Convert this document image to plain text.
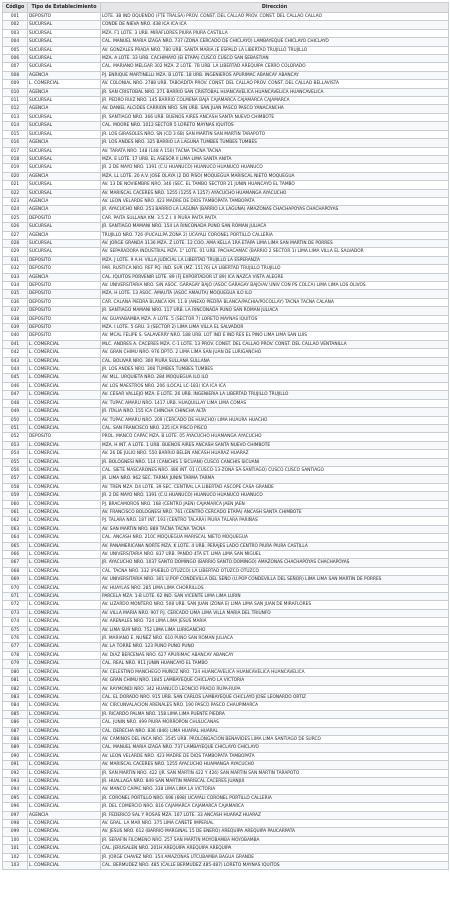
Código	Tipo de Establecimiento	Dirección
001	DEPOSITO	LOTE. 3B IND OQUENDO (FTE TRALSA) PROV. CONST. DEL CALLAO PROV. CONST. DEL CALLAO CALLAO
002	SUCURSAL	CONDE DE NIEVA NRO. 438 ICA ICA ICA
003	SUCURSAL	MZA. F1 LOTE. 3 URB. MIRAFLORES PIURA PIURA CASTILLA
004	SUCURSAL	CAL. MANUEL MARIA IZAGA NRO. 737 (ZONA CERCADO DE CHICLAYO) LAMBAYEQUE CHICLAYO CHICLAYO
005	SUCURSAL	AV. GONZALES PRADA NRO. 780 URB. SANTA MARIA (E ESPALD LA LIBERTAD TRUJILLO TRUJILLO
006	SUCURSAL	MZA. A LOTE. 33 URB. CACHIMAYO (EI ETAPA) CUSCO CUSCO SAN SEBASTIAN
007	SUCURSAL	CAL. MARIANO MELGAR 302 MZA. Z LOTE. 7B URB. LA LIBERTAD AREQUIPA CERRO COLORADO
008	AGENCIA	PJ. ENRIQUE MARTINELLI MZA. B LOTE. 18 URB. INGENIEROS APURIMAC ABANCAY ABANCAY
009	L. COMERCIAL	AV. COLONIAL NRO. 2788 URB. TABOADITA PROV. CONST. DEL CALLAO PROV. CONST. DEL CALLAO BELLAVISTA
010	AGENCIA	JR. SAN CRISTOBAL NRO. 271 BARRIO SAN CRISTOBAL HUANCAVELICA HUANCAVELICA HUANCAVELICA
011	SUCURSAL	JR. PEDRO RUIZ NRO. 145 BARRIO COLMENA BAJA CAJAMARCA CAJAMARCA CAJAMARCA
012	AGENCIA	AV. DANIEL ALCIDES CARRION NRO. S/N URB. SAN JUAN PASCO PASCO YANACANCHA
013	SUCURSAL	JR. SANTIAGO NRO. 366 URB. BUENOS AIRES ANCASH SANTA NUEVO CHIMBOTE
014	SUCURSAL	CAL. MOORE NRO. 1012 SECTOR 5 LORETO MAYNAS IQUITOS
015	SUCURSAL	JR. LOS GIRASOLES NRO. SN (CD 3 6B) SAN MARTIN SAN MARTIN TARAPOTO
016	AGENCIA	JR. LOS ANDES NRO. 325 BARRIO LA LAGUNA TUMBES TUMBES TUMBES
017	SUCURSAL	AV. TARATA NRO. 148 (148 A 150) TACNA TACNA TACNA
018	SUCURSAL	MZA. E LOTE. 17 URB. EL ASESOR II LIMA LIMA SANTA ANITA
019	SUCURSAL	JR. 2 DE MAYO NRO. 1391 (C.U HUANUCO) HUANUCO HUANUCO HUANUCO
020	AGENCIA	MZA. LL LOTE. 20 A.V. JOSE OLAYA (2 DO PISO) MOQUEGUA MARISCAL NIETO MOQUEGUA
021	SUCURSAL	AV. 13 DE NOVIEMBRE NRO. 346 (SEC. EL TAMBO SECTOR 21 JUNIN HUANCAYO EL TAMBO
022	SUCURSAL	AV. MARISCAL CACERES NRO. 1255 (1255 A 1257) AYACUCHO HUAMANGA AYACUCHO
023	AGENCIA	AV. LEON VELARDE NRO. 423 MADRE DE DIOS TAMBOPATA TAMBOPATA
024	AGENCIA	JR. AYACUCHO NRO. 253 BARRIO LA LAGUNA (BARRIO LA LAGUNA) AMAZONAS CHACHAPOYAS CHACHAPOYAS
025	DEPOSITO	CAR. PAITA SULLANA KM. 3.5 Z.I. II PIURA PAITA PAITA
026	SUCURSAL	JR. SANTIAGO MAMANI NRO. 154 LA RINCONADA PUNO SAN ROMAN JULIACA
027	AGENCIA	TRUJILLO NRO. 726 (PUCALLPA ZONA 2) UCAYALI CORONEL PORTILLO CALLERIA
028	SUCURSAL	AV. JORGE GRANDA 3136 MZA. Z LOTE. 12 COO. AMA KELLA 1RA ETAPA LIMA LIMA SAN MARTIN DE PORRES
029	SUCURSAL	AV. SEPARADORA INDUSTRIAL MZA. 1° LOTE. 01 URB. PACHACAMAC (BARRIO 2 SECTOR 1) LIMA LIMA VILLA EL SALVADOR
031	DEPOSITO	MZA. J LOTE. 9 A.H. VILLA JUDICIAL LA LIBERTAD TRUJILLO LA ESPERANZA
032	DEPOSITO	PAR. RUSTICA NRO. REF PQ. IND. SUR (MZ. 15176) LA LIBERTAD TRUJILLO TRUJILLO
033	AGENCIA	CAL. IQUITOS PORVENIR LOTE. 89 (FJ EXPORTADOR LT 89) ICA NAZCA VISTA ALEGRE
034	DEPOSITO	AV. UNIVERSITARIA NRO. S/N ASOC. GARAGAY BAJO (ASOC GARAGAY BAJO/AV UNIV CON PS COLCA) LIMA LIMA LOS OLIVOS
035	DEPOSITO	MZA. H LOTE. 13 ASOC. AMAUTA (ASOC AMAUTA) MOQUEGUA ILO ILO
036	DEPOSITO	CAR. CALANA PIEDRA BLANCA KM. 11.8 (ANEXO PIEDRA BLANCA/PACHIA/POCOLLAY) TACNA TACNA CALANA
037	DEPOSITO	JR. SANTIAGO MAMANI NRO. 117 URB. LA RINCONADA PUNO SAN ROMAN JULIACA
038	DEPOSITO	AV. GUAYABAMBA MZA. A LOTE. 5 (SECTOR 7) LORETO MAYNAS IQUITOS
039	DEPOSITO	MZA. I LOTE. 5 GRU. 3 (SECTOR 2) LIMA LIMA VILLA EL SALVADOR
040	DEPOSITO	AV. MCAL FELIPE S. SALAVERRY NRO. 188 URB. LOT IND E IND RES EL PINO LIMA LIMA SAN LUIS
041	L. COMERCIAL	MLC. ANDRES A. CACERES MZA. C-1 LOTE. 13 PROV. CONST. DEL CALLAO PROV. CONST. DEL CALLAO VENTANILLA
042	L. COMERCIAL	AV. GRAN CHIMU NRO. 976 DPTO. 2 LIMA LIMA SAN JUAN DE LURIGANCHO
043	L. COMERCIAL	CAL. BOLIVAR NRO. 300 PIURA SULLANA SULLANA
044	L. COMERCIAL	JR. LOS ANDES NRO. 308 TUMBES TUMBES TUMBES
045	L. COMERCIAL	AV. MLL. URQUIETA NRO. 284 MOQUEGUA ILO ILO
046	L. COMERCIAL	AV. LOS MAESTROS NRO. 206 (LOCAL LC-183) ICA ICA ICA
047	L. COMERCIAL	AV. CESAR VALLEJO MZA. E LOTE. 26 URB. INGENIERIA LA LIBERTAD TRUJILLO TRUJILLO
048	L. COMERCIAL	AV. TUPAC AMARU NRO. 1417 URB. HUAQUILLAY LIMA LIMA COMAS
049	L. COMERCIAL	JR. ITALIA NRO. 155 ICA CHINCHA CHINCHA ALTA
050	L. COMERCIAL	AV. TUPAC AMARU NRO. 209 (CERCADO DE HUACHO) LIMA HUAURA HUACHO
051	L. COMERCIAL	CAL. SAN FRANCISCO NRO. 225 ICA PISCO PISCO
052	DEPOSITO	PROL. MANCO CAPAC MZA. B LOTE. 05 AYACUCHO HUAMANGA AYACUCHO
053	L. COMERCIAL	MZA. H INT. A LOTE. 1 URB. BUENOS AIRES ANCASH SANTA NUEVO CHIMBOTE
054	L. COMERCIAL	AV. 26 DE JULIO NRO. 550 BARRIO BELEN ANCASH HUARAZ HUARAZ
055	L. COMERCIAL	JR. BOLOGNESI NRO. 114 (CANCHIS 1 SICUANI) CUSCO CANCHIS SICUANI
056	L. COMERCIAL	CAL. SIETE MASCARONES NRO. 486 INT. 01 (CUSCO-13-ZONA SA-SANTIAGO) CUSCO CUSCO SANTIAGO
057	L. COMERCIAL	JR. LIMA NRO. 962 SEC. TARMA JUNIN TARMA TARMA
058	L. COMERCIAL	AV. TREN MZA. D4 LOTE. 39 SEC. CENTRAL LA LIBERTAD ASCOPE CASA GRANDE
059	L. COMERCIAL	JR. 2 DE MAYO NRO. 1391 (C.U.HUANUCO) HUANUCO HUANUCO HUANUCO
060	L. COMERCIAL	PJ. BRACAMOROS NRO. 168 (CENTRO JAEN) CAJAMARCA JAEN JAEN
061	L. COMERCIAL	AV. FRANCISCO BOLOGNESI NRO. 761 (CENTRO CERCADO ETAPA) ANCASH SANTA CHIMBOTE
062	L. COMERCIAL	PJ. TALARA NRO. 187 INT. 193 (CENTRO TALARA) PIURA TALARA PARIÑAS
063	L. COMERCIAL	AV. SAN MARTIN NRO. 889 TACNA TACNA TACNA
064	L. COMERCIAL	CAL. ANCASH NRO. 210C MOQUEGUA MARISCAL NIETO MOQUEGUA
065	L. COMERCIAL	AV. PANAMERICANA NORTE MZA. K LOTE. 4 URB. PERAJES LADO CENTRO PIURA PIURA CASTILLA
066	L. COMERCIAL	AV. UNIVERSITARIA NRO. 837 URB. PANDO 4TA ET. LIMA LIMA SAN MIGUEL
067	L. COMERCIAL	JR. AYACUCHO NRO. 1037 SANTO DOMINGO (BARRIO SANTO DOMINGO) AMAZONAS CHACHAPOYAS CHACHAPOYAS
068	L. COMERCIAL	CAL. TACNA NRO. 332 (PUEBLO OTUZCO) LA LIBERTAD OTUZCO OTUZCO
069	L. COMERCIAL	AV. UNIVERSITARIA NRO. 301 U.POP CONDEVILLA DEL SEÑO (U.POP CONDEVILLA DEL SEÑOR) LIMA LIMA SAN MARTIN DE PORRES
070	L. COMERCIAL	AV. HUAYLAS NRO. 285 LIMA LIMA CHORRILLOS
071	L. COMERCIAL	PARCELA MZA. 1-B LOTE. 62 IND. SAN VICENTE LIMA LIMA LURIN
072	L. COMERCIAL	AV. LIZARDO MONTERO NRO. 508 URB. SAN JUAN (ZONA E) LIMA LIMA SAN JUAN DE MIRAFLORES
073	L. COMERCIAL	AV. VILLA MARIA NRO. 907 P.J. CERCADO LIMA LIMA VILLA MARIA DEL TRIUNFO
074	L. COMERCIAL	AV. ARENALES NRO. 724 LIMA LIMA JESUS MARIA
075	L. COMERCIAL	AV. LIMA SUR NRO. 752 LIMA LIMA LURIGANCHO
076	L. COMERCIAL	JR. MARIANO E. NUÑEZ NRO. 610 PUNO SAN ROMAN JULIACA
077	L. COMERCIAL	AV. LA TORRE NRO. 123 PUNO PUNO PUNO
078	L. COMERCIAL	AV. DIAZ BERCENAS NRO. 627 APURIMAC ABANCAY ABANCAY
079	L. COMERCIAL	CAL. REAL NRO. 911 JUNIN HUANCAYO EL TAMBO
080	L. COMERCIAL	AV. CELESTINO MANCHEGO MUÑOZ NRO. 724 HUANCAVELICA HUANCAVELICA HUANCAVELICA
081	L. COMERCIAL	AV. GRAN CHIMU NRO. 1845 LAMBAYEQUE CHICLAYO LA VICTORIA
082	L. COMERCIAL	AV. RAYMONDI NRO. 342 HUANUCO LEONCIO PRADO RUPA-RUPA
083	L. COMERCIAL	CAL. EL DORADO NRO. 915 URB. SAN CARLOS LAMBAYEQUE CHICLAYO JOSE LEONARDO ORTIZ
084	L. COMERCIAL	AV. CIRCUNVALACION ARENALES NRO. 190 PASCO PASCO CHAUPIMARCA
085	L. COMERCIAL	JR. RICARDO PALMA NRO. 158 LIMA LIMA PUENTE PIEDRA
086	L. COMERCIAL	CAL. JUNIN NRO. 499 PIURA MORROPON CHULUCANAS
087	L. COMERCIAL	CAL. DERECHA NRO. 836 (846) LIMA HUARAL HUARAL
088	L. COMERCIAL	AV. CAMINOS DEL INCA NRO. 3545 URB. PROLONGACION BENAVIDES LIMA LIMA SANTIAGO DE SURCO
089	L. COMERCIAL	CAL. MANUEL MARIA IZAGA NRO. 737 LAMBAYEQUE CHICLAYO CHICLAYO
090	L. COMERCIAL	AV. LEON VELARDE NRO. 423 MADRE DE DIOS TAMBOPATA TAMBOPATA
091	L. COMERCIAL	AV. MARISCAL CACERES NRO. 1255 AYACUCHO HUAMANGA AYACUCHO
092	L. COMERCIAL	JR. SAN MARTIN NRO. 422 (JR. SAN MARTIN 422 Y 426) SAN MARTIN SAN MARTIN TARAPOTO
093	L. COMERCIAL	JR. HUALLAGA NRO. 849 SAN MARTIN MARISCAL CACERES JUANJUI
094	L. COMERCIAL	AV. MANCO CAPAC NRO. 338 LIMA LIMA LA VICTORIA
095	L. COMERCIAL	JR. CORONEL PORTILLO NRO. 696 (698) UCAYALI CORONEL PORTILLO CALLERIA
096	L. COMERCIAL	JR. DEL COMERCIO NRO. 816 CAJAMARCA CAJAMARCA CAJAMARCA
097	AGENCIA	JR. FEDERICO SAL Y ROSAS MZA. 107 LOTE. 33 ANCASH HUARAZ HUARAZ
098	L. COMERCIAL	AV. GRAL. LA MAR NRO. 375 LIMA CAÑETE IMPERIAL
099	L. COMERCIAL	AV. JESUS NRO. 612 (BARRIO MARGINAL 15 DE ENERO) AREQUIPA AREQUIPA PAUCARPATA
100	L. COMERCIAL	JR. SERAFIN FILOMENO NRO. 257 SAN MARTIN MOYOBAMBA MOYOBAMBA
101	L. COMERCIAL	CAL. JERUSALEN NRO. 201H AREQUIPA AREQUIPA AREQUIPA
102	L. COMERCIAL	JR. JORGE CHAVEZ NRO. 354 AMAZONAS UTCUBAMBA BAGUA GRANDE
103	L. COMERCIAL	CAL. BERMUDEZ NRO. 485 (CALLE BERMUDEZ 485-487) LORETO MAYNAS IQUITOS
